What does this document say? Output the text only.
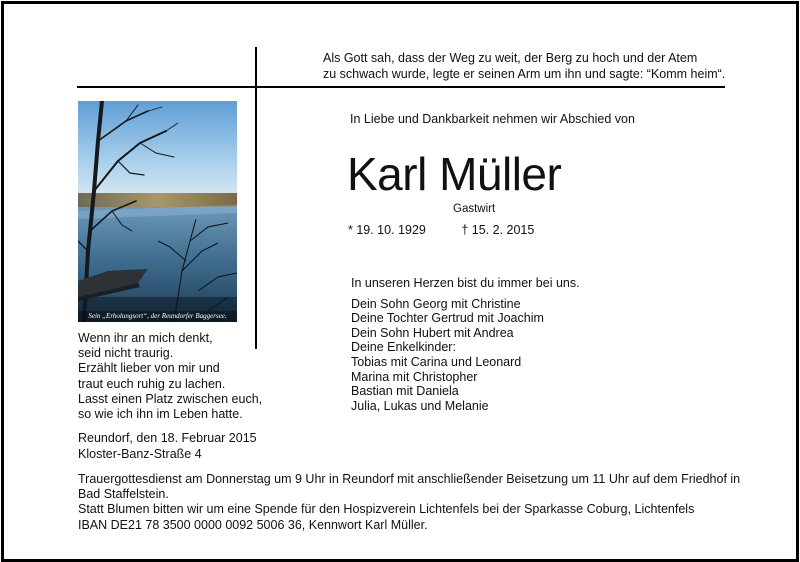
Als Gott sah, dass der Weg zu weit, der Berg zu hoch und der Atem
zu schwach wurde, legte er seinen Arm um ihn und sagte: “Komm heim“.
In Liebe und Dankbarkeit nehmen wir Abschied von
Karl Müller
Gastwirt
* 19. 10. 1929	† 15. 2. 2015
Sein „Erholungsort“, der Reundorfer Baggersee.
Wenn ihr an mich denkt,
seid nicht traurig.
Erzählt lieber von mir und
traut euch ruhig zu lachen.
Lasst einen Platz zwischen euch,
so wie ich ihn im Leben hatte.
Reundorf, den 18. Februar 2015
Kloster-Banz-Straße 4
In unseren Herzen bist du immer bei uns.
Dein Sohn Georg mit Christine
Deine Tochter Gertrud mit Joachim
Dein Sohn Hubert mit Andrea
Deine Enkelkinder:
Tobias mit Carina und Leonard
Marina mit Christopher
Bastian mit Daniela
Julia, Lukas und Melanie
Trauergottesdienst am Donnerstag um 9 Uhr in Reundorf mit anschließender Beisetzung um 11 Uhr auf dem Friedhof in
Bad Staffelstein.
Statt Blumen bitten wir um eine Spende für den Hospizverein Lichtenfels bei der Sparkasse Coburg, Lichtenfels
IBAN DE21 78 3500 0000 0092 5006 36, Kennwort Karl Müller.
